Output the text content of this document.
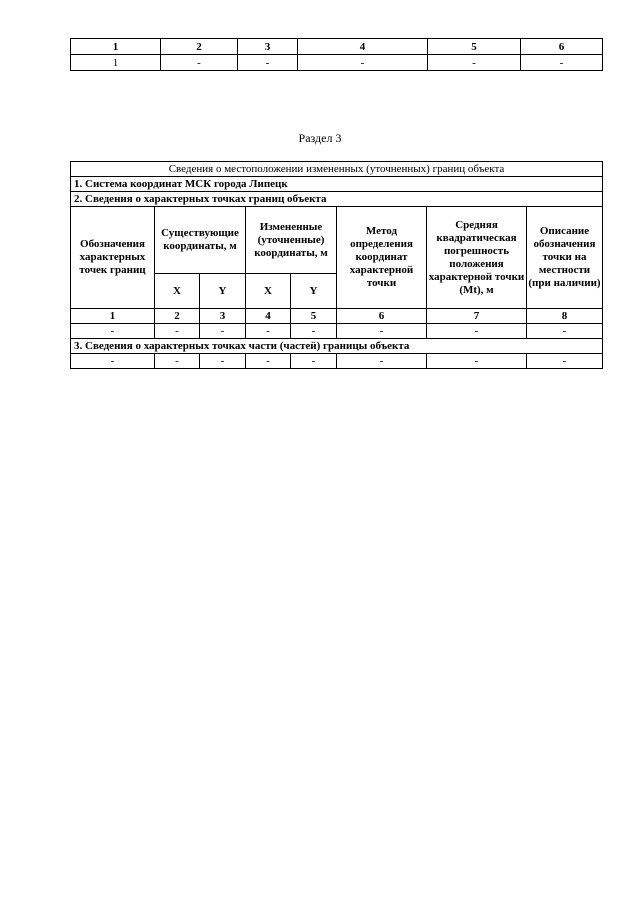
1	2	3	4	5	6
1	-	-	-	-	-
Раздел 3
Сведения о местоположении измененных (уточненных) границ объекта							
1. Система координат МСК города Липецк							
2. Сведения о характерных точках границ объекта							
Обозначения характерных точек границ	Существующие координаты, м		Измененные (уточненные) координаты, м		Метод определения координат характерной точки	Средняя квадратическая погрешность положения характерной точки (Mt), м	Описание обозначения точки на местности (при наличии)
	X	Y	X	Y			
1	2	3	4	5	6	7	8
-	-	-	-	-	-	-	-
3. Сведения о характерных точках части (частей) границы объекта							
-	-	-	-	-	-	-	-
